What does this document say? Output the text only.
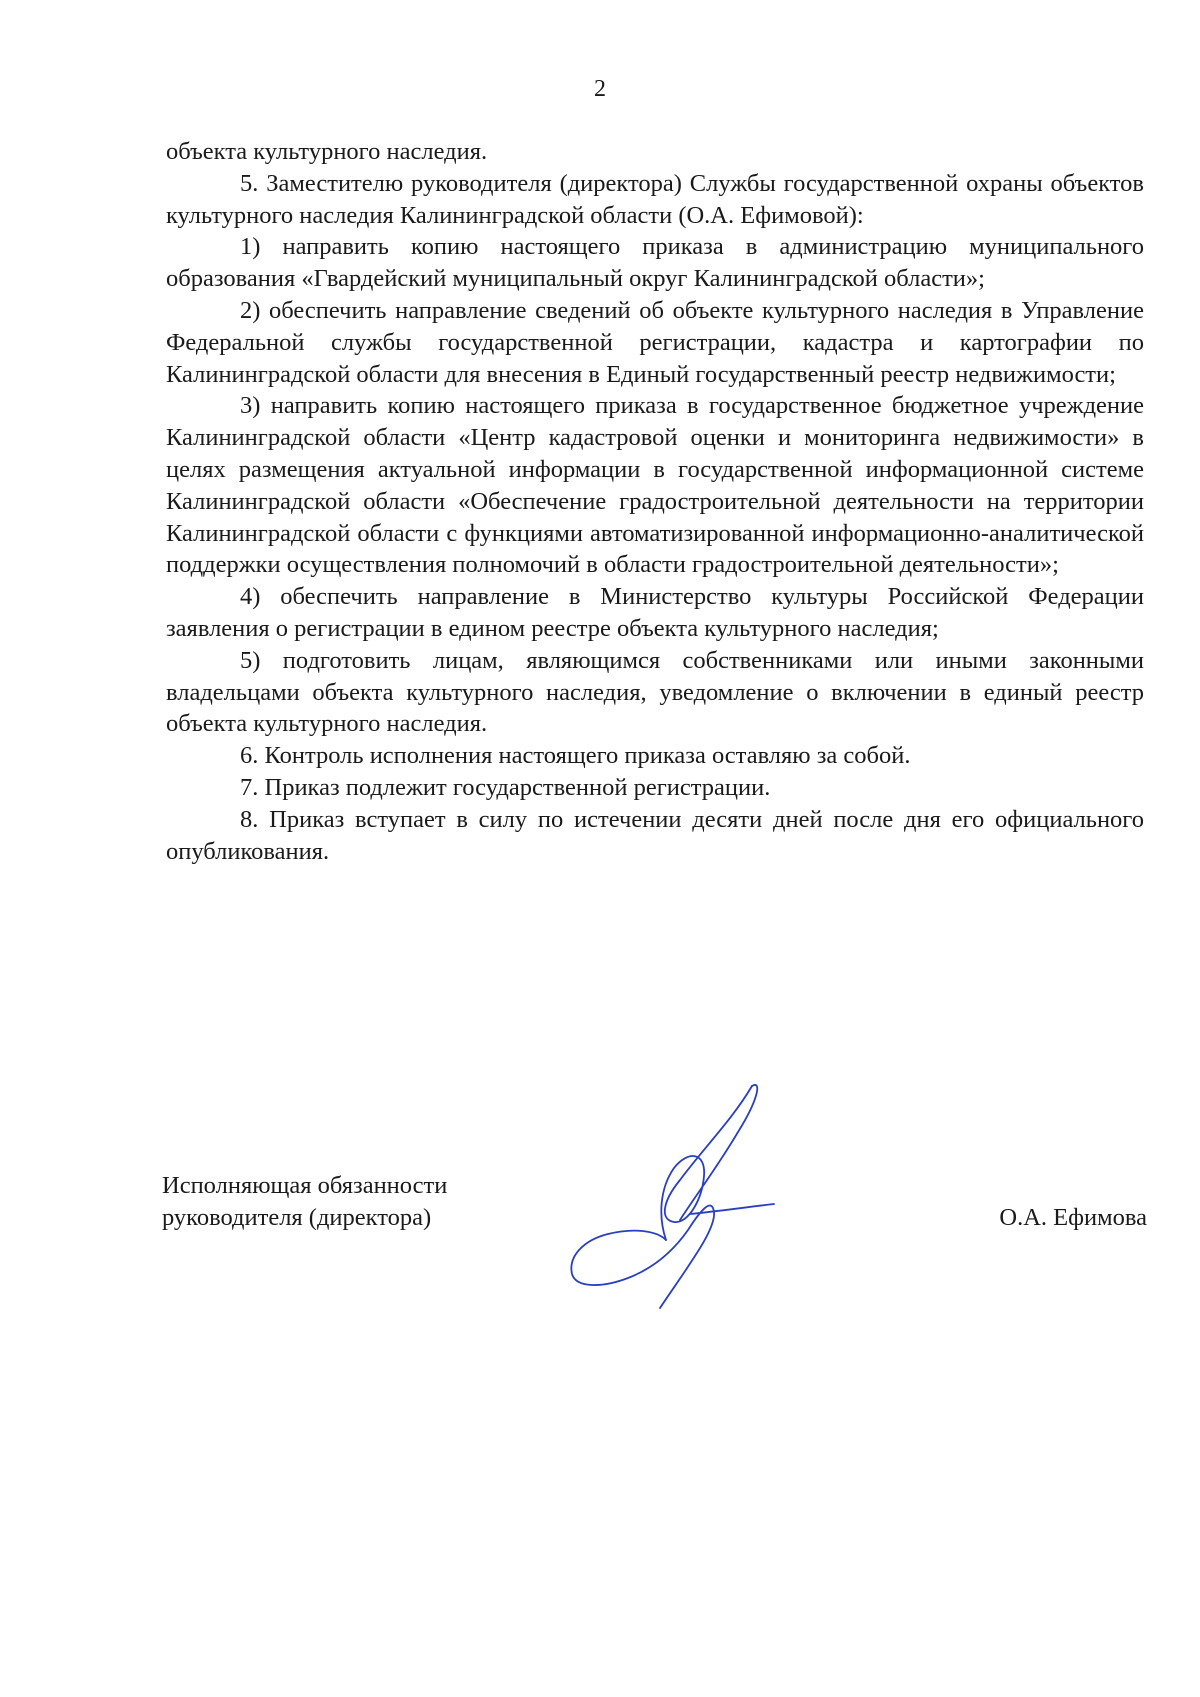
2

объекта культурного наследия.

5. Заместителю руководителя (директора) Службы государственной охраны объектов культурного наследия Калининградской области (О.А. Ефимовой):

1) направить копию настоящего приказа в администрацию муниципального образования «Гвардейский муниципальный округ Калининградской области»;

2) обеспечить направление сведений об объекте культурного наследия в Управление Федеральной службы государственной регистрации, кадастра и картографии по Калининградской области для внесения в Единый государственный реестр недвижимости;

3) направить копию настоящего приказа в государственное бюджетное учреждение Калининградской области «Центр кадастровой оценки и мониторинга недвижимости» в целях размещения актуальной информации в государственной информационной системе Калининградской области «Обеспечение градостроительной деятельности на территории Калининградской области с функциями автоматизированной информационно-аналитической поддержки осуществления полномочий в области градостроительной деятельности»;

4) обеспечить направление в Министерство культуры Российской Федерации заявления о регистрации в едином реестре объекта культурного наследия;

5) подготовить лицам, являющимся собственниками или иными законными владельцами объекта культурного наследия, уведомление о включении в единый реестр объекта культурного наследия.

6. Контроль исполнения настоящего приказа оставляю за собой.

7. Приказ подлежит государственной регистрации.

8. Приказ вступает в силу по истечении десяти дней после дня его официального опубликования.

Исполняющая обязанности
руководителя (директора)	О.А. Ефимова
